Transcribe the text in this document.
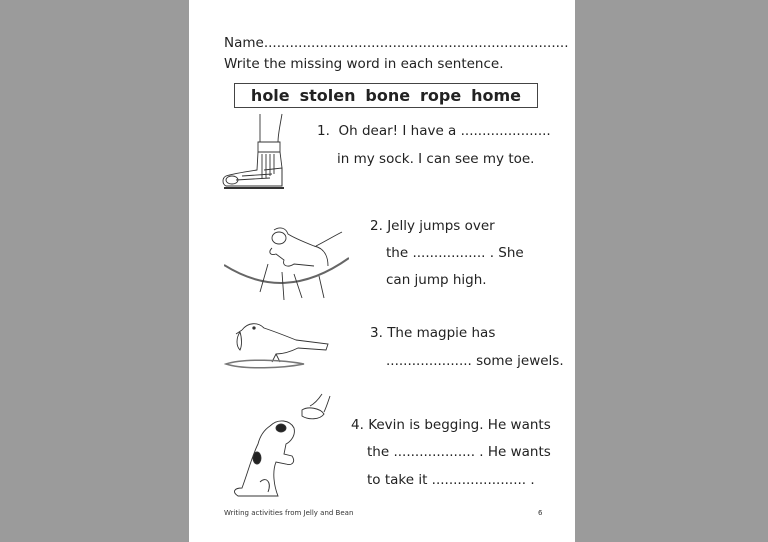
Name.......................................................................
Write the missing word in each sentence.
hole stolen bone rope home
1. Oh dear! I have a .....................
in my sock. I can see my toe.
2. Jelly jumps over
the ................. . She
can jump high.
3. The magpie has
.................... some jewels.
4. Kevin is begging. He wants
the ................... . He wants
to take it ...................... .
Writing activities from Jelly and Bean	6
